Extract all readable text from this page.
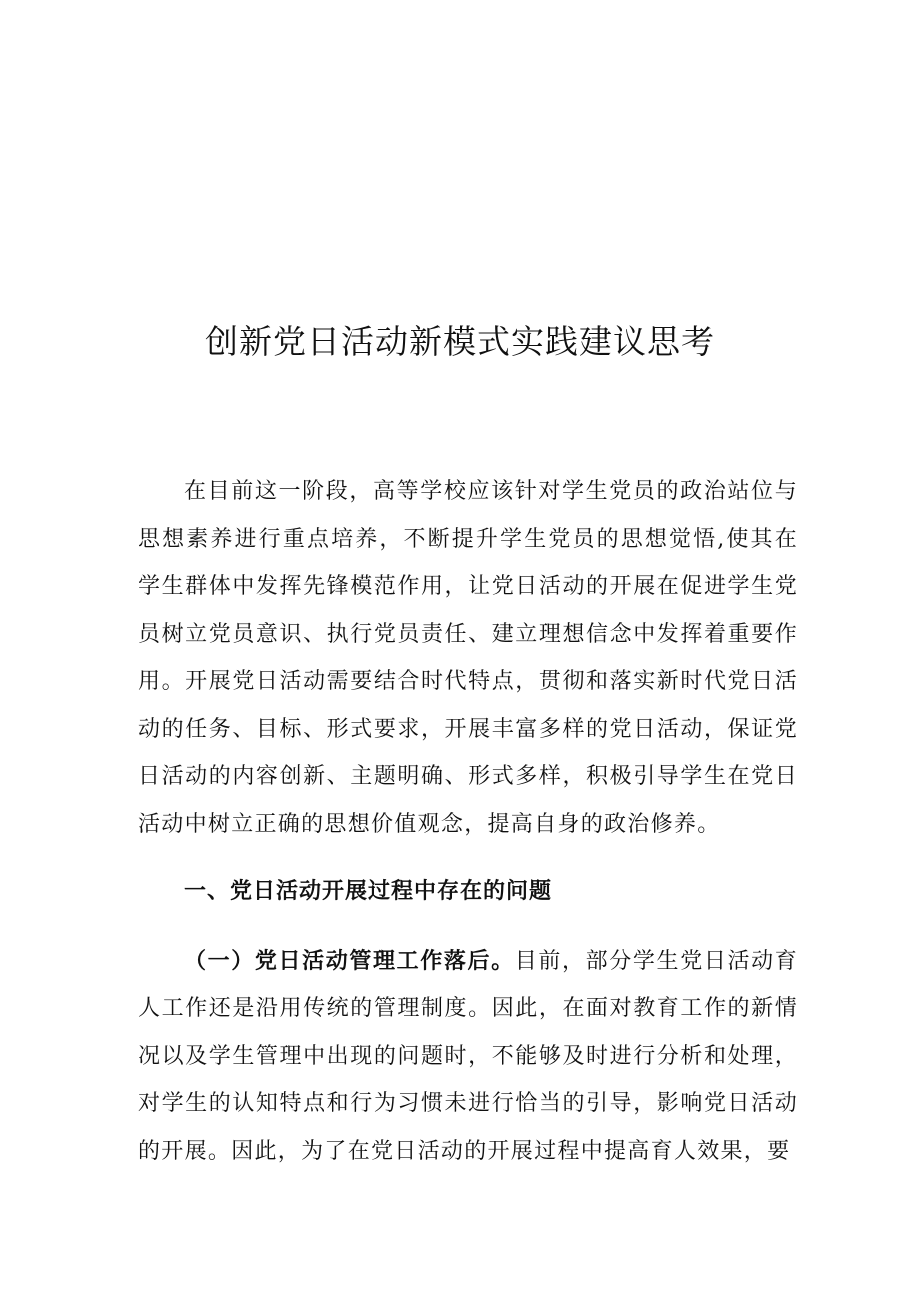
创新党日活动新模式实践建议思考

在目前这一阶段，高等学校应该针对学生党员的政治站位与思想素养进行重点培养，不断提升学生党员的思想觉悟,使其在学生群体中发挥先锋模范作用，让党日活动的开展在促进学生党员树立党员意识、执行党员责任、建立理想信念中发挥着重要作用。开展党日活动需要结合时代特点，贯彻和落实新时代党日活动的任务、目标、形式要求，开展丰富多样的党日活动，保证党日活动的内容创新、主题明确、形式多样，积极引导学生在党日活动中树立正确的思想价值观念，提高自身的政治修养。

一、党日活动开展过程中存在的问题

（一）党日活动管理工作落后。目前，部分学生党日活动育人工作还是沿用传统的管理制度。因此，在面对教育工作的新情况以及学生管理中出现的问题时，不能够及时进行分析和处理，对学生的认知特点和行为习惯未进行恰当的引导，影响党日活动的开展。因此，为了在党日活动的开展过程中提高育人效果，要
